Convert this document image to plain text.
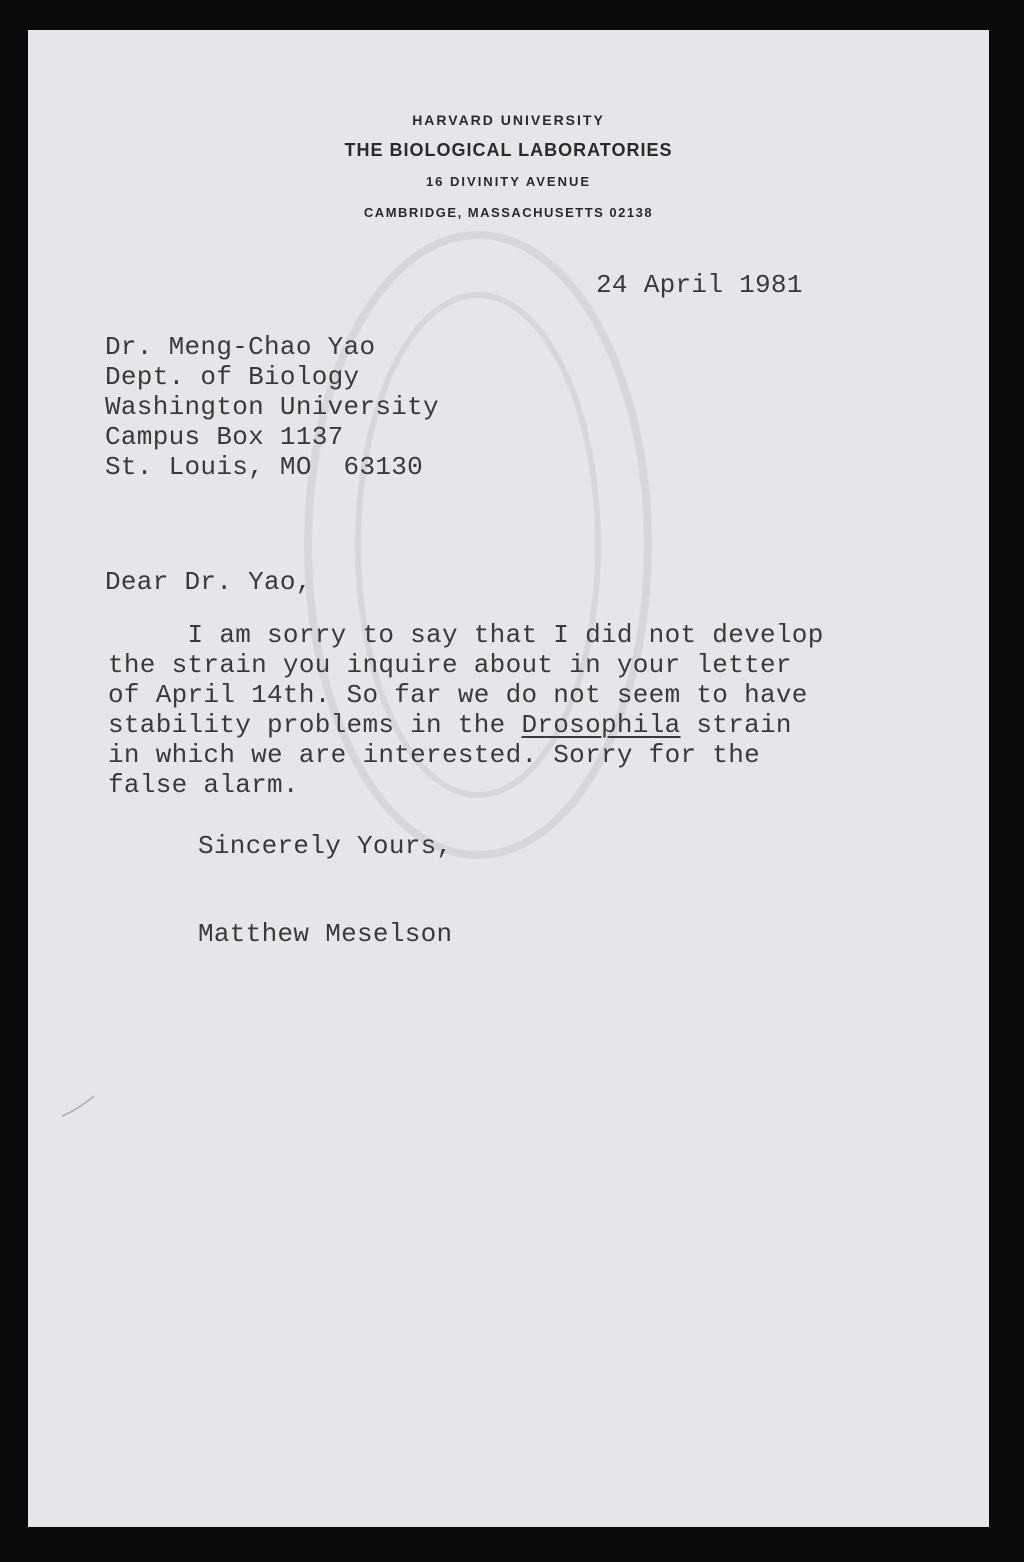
HARVARD UNIVERSITY
THE BIOLOGICAL LABORATORIES
16 DIVINITY AVENUE
CAMBRIDGE, MASSACHUSETTS 02138
24 April 1981
Dr. Meng-Chao Yao
Dept. of Biology
Washington University
Campus Box 1137
St. Louis, MO  63130
Dear Dr. Yao,
I am sorry to say that I did not develop
the strain you inquire about in your letter
of April 14th. So far we do not seem to have
stability problems in the Drosophila strain
in which we are interested. Sorry for the
false alarm.
Sincerely Yours,
Matthew Meselson
